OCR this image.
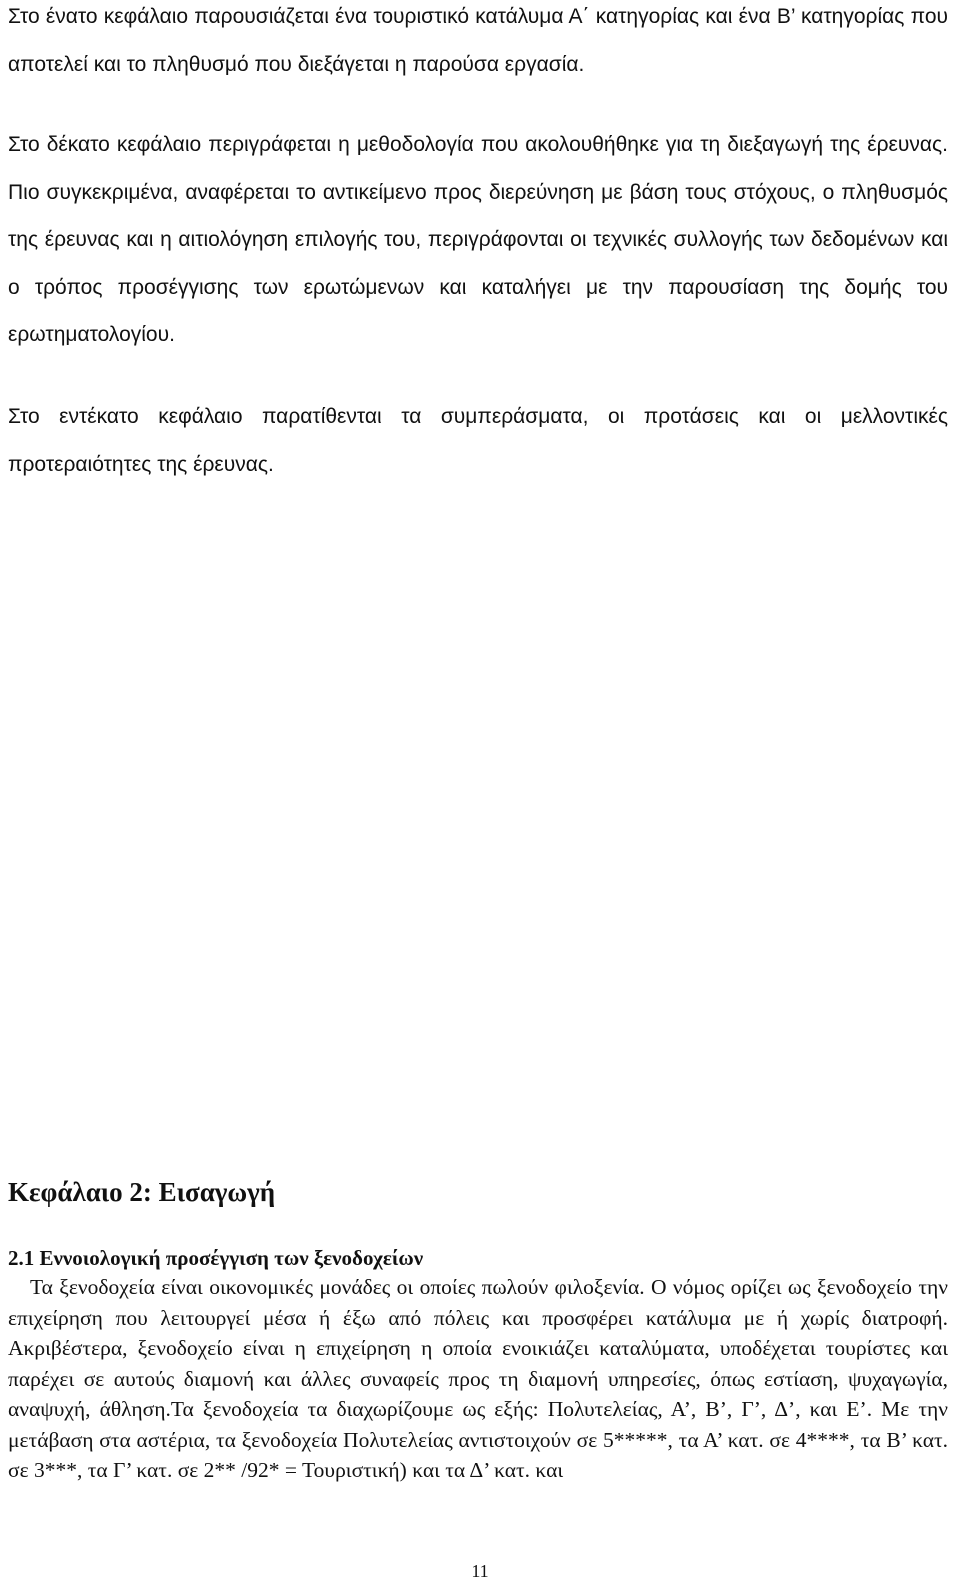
Στο ένατο κεφάλαιο παρουσιάζεται ένα τουριστικό κατάλυμα Α΄ κατηγορίας και ένα Β’ κατηγορίας που αποτελεί και το πληθυσμό που διεξάγεται η παρούσα εργασία.
Στο δέκατο κεφάλαιο περιγράφεται η μεθοδολογία που ακολουθήθηκε για τη διεξαγωγή της έρευνας. Πιο συγκεκριμένα, αναφέρεται το αντικείμενο προς διερεύνηση με βάση τους στόχους, ο πληθυσμός της έρευνας και η αιτιολόγηση επιλογής του, περιγράφονται οι τεχνικές συλλογής των δεδομένων και ο τρόπος προσέγγισης των ερωτώμενων και καταλήγει με την παρουσίαση της δομής του ερωτηματολογίου.
Στο εντέκατο κεφάλαιο παρατίθενται τα συμπεράσματα, οι προτάσεις και οι μελλοντικές προτεραιότητες της έρευνας.
Κεφάλαιο 2: Εισαγωγή
2.1 Εννοιολογική προσέγγιση των ξενοδοχείων
Τα ξενοδοχεία είναι οικονομικές μονάδες οι οποίες πωλούν φιλοξενία. Ο νόμος ορίζει ως ξενοδοχείο την επιχείρηση που λειτουργεί μέσα ή έξω από πόλεις και προσφέρει κατάλυμα με ή χωρίς διατροφή. Ακριβέστερα, ξενοδοχείο είναι η επιχείρηση η οποία ενοικιάζει καταλύματα, υποδέχεται τουρίστες και παρέχει σε αυτούς διαμονή και άλλες συναφείς προς τη διαμονή υπηρεσίες, όπως εστίαση, ψυχαγωγία, αναψυχή, άθληση.Τα ξενοδοχεία τα διαχωρίζουμε ως εξής: Πολυτελείας, Α’, Β’, Γ’, Δ’, και Ε’. Με την μετάβαση στα αστέρια, τα ξενοδοχεία Πολυτελείας αντιστοιχούν σε 5*****, τα Α’ κατ. σε 4****, τα Β’ κατ. σε 3***, τα Γ’ κατ. σε 2** /92* = Τουριστική) και τα Δ’ κατ. και
11
